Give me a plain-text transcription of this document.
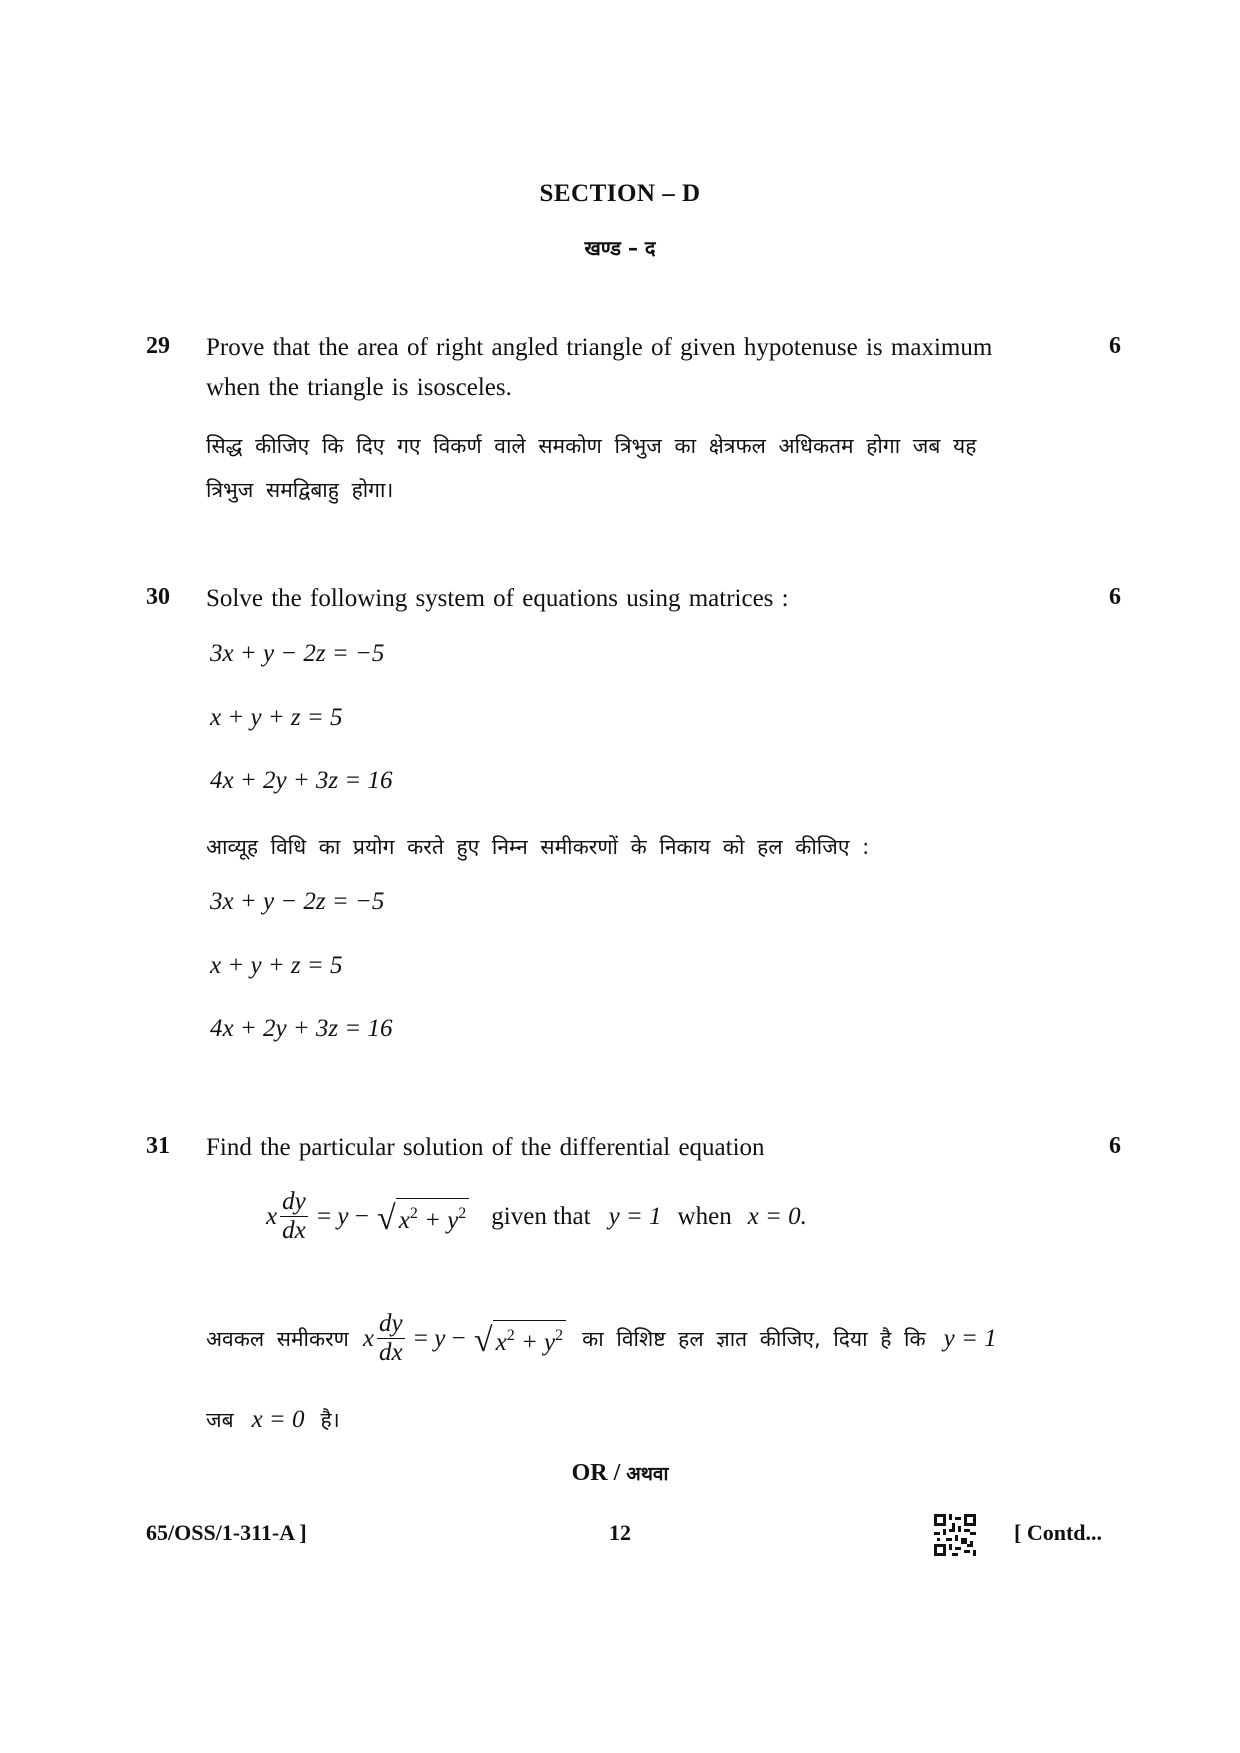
SECTION – D
खण्ड – द
29	6
Prove that the area of right angled triangle of given hypotenuse is maximum
when the triangle is isosceles.
सिद्ध कीजिए कि दिए गए विकर्ण वाले समकोण त्रिभुज का क्षेत्रफल अधिकतम होगा जब यह
त्रिभुज समद्विबाहु होगा।
30	6
Solve the following system of equations using matrices :
3x + y − 2z = −5
x + y + z = 5
4x + 2y + 3z = 16
आव्यूह विधि का प्रयोग करते हुए निम्न समीकरणों के निकाय को हल कीजिए :
3x + y − 2z = −5
x + y + z = 5
4x + 2y + 3z = 16
31	6
Find the particular solution of the differential equation
x $\frac{dy}{dx} = y$ − √ $x^2 + y^2$ given that y = 1 when x = 0.
अवकल समीकरण x $\frac{dy}{dx} = y$ − √ $x^2 + y^2$ का विशिष्ट हल ज्ञात कीजिए, दिया है कि y = 1
जब x = 0 है।
OR / अथवा
65/OSS/1-311-A ]	12	[ Contd...
